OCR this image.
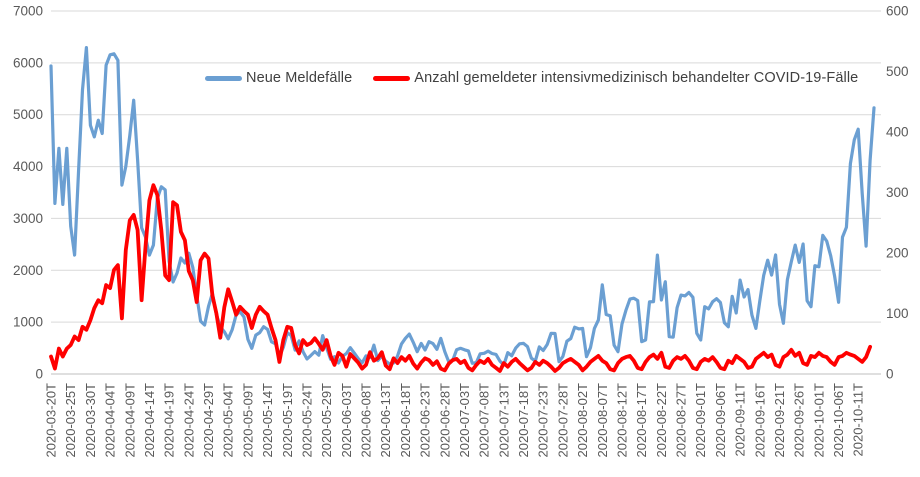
0
1000
2000
3000
4000
5000
6000
7000
0
100
200
300
400
500
600
2020-03-20T 2020-03-25T 2020-03-30T 2020-04-04T 2020-04-09T 2020-04-14T 2020-04-19T 2020-04-24T 2020-04-29T 2020-05-04T 2020-05-09T 2020-05-14T 2020-05-19T 2020-05-24T 2020-05-29T 2020-06-03T 2020-06-08T 2020-06-13T 2020-06-18T 2020-06-23T 2020-06-28T 2020-07-03T 2020-07-08T 2020-07-13T 2020-07-18T 2020-07-23T 2020-07-28T 2020-08-02T 2020-08-07T 2020-08-12T 2020-08-17T 2020-08-22T 2020-08-27T 2020-09-01T 2020-09-06T 2020-09-11T 2020-09-16T 2020-09-21T 2020-09-26T 2020-10-01T 2020-10-06T 2020-10-11T
Neue Meldefälle	Anzahl gemeldeter intensivmedizinisch behandelter COVID-19-Fälle
